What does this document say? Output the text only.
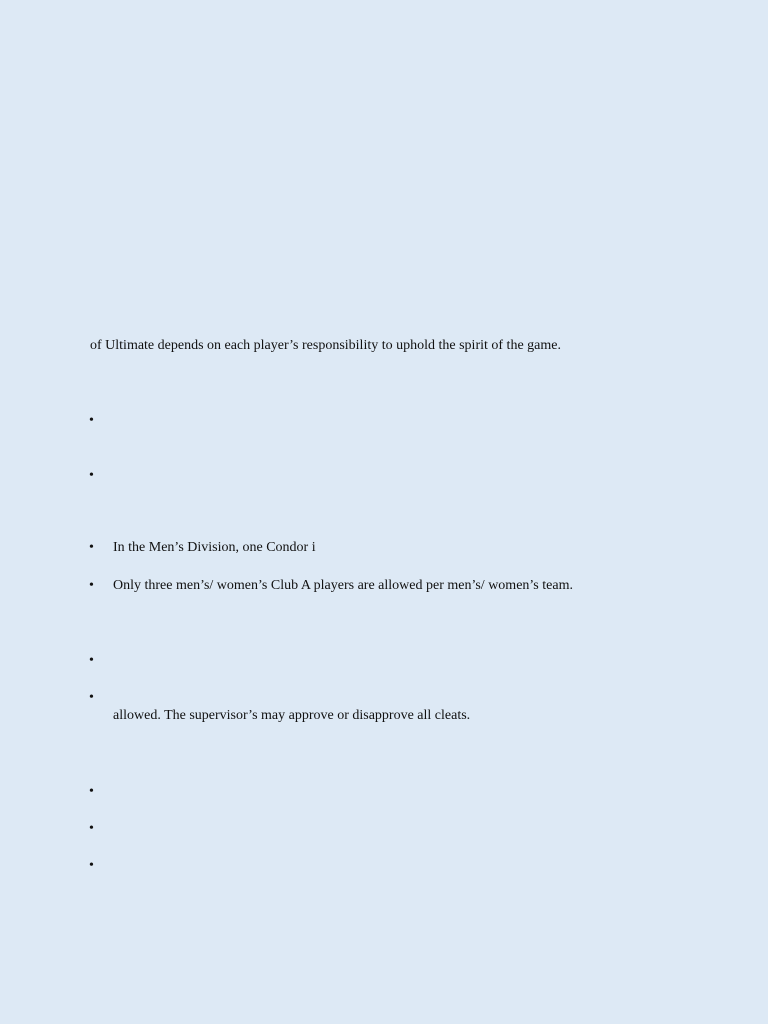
of Ultimate depends on each player’s responsibility to uphold the spirit of the game.
•
•
• In the Men’s Division, one Condor i
• Only three men’s/ women’s Club A players are allowed per men’s/ women’s team.
•
•
allowed. The supervisor’s may approve or disapprove all cleats.
•
•
•
